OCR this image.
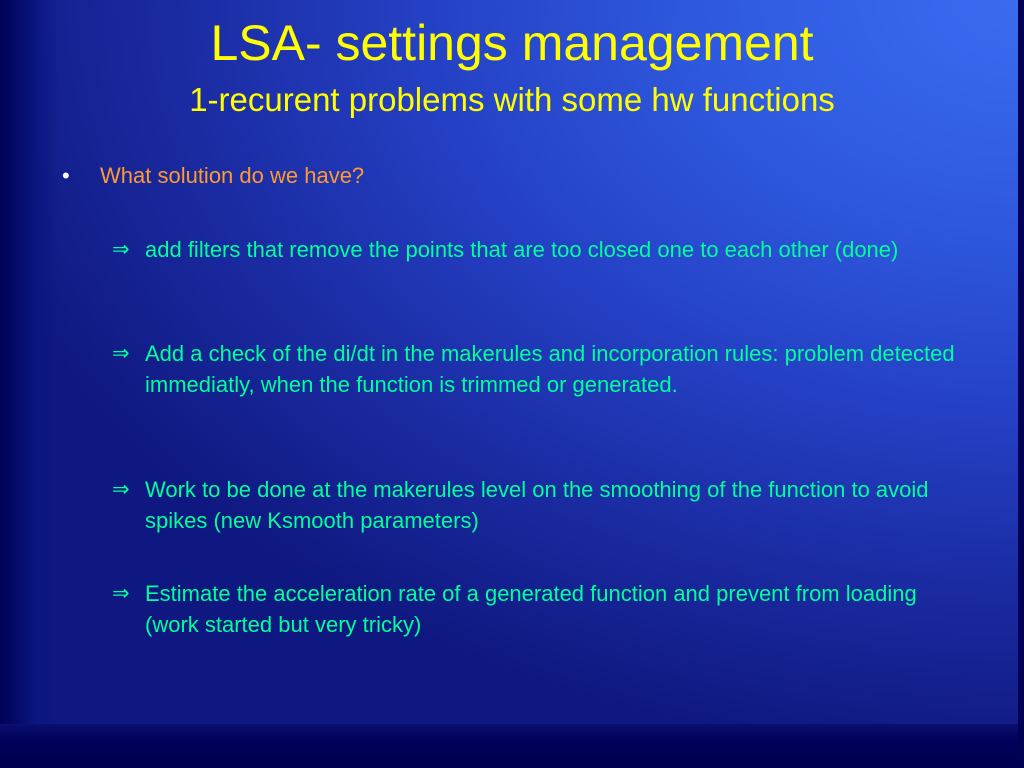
LSA- settings management
1-recurent problems with some hw functions
•	What solution do we have?
⇒ add filters that remove the points that are too closed one to each other (done)
⇒ Add a check of the di/dt in the makerules and incorporation rules: problem detected immediatly, when the function is trimmed or generated.
⇒ Work to be done at the makerules level on the smoothing of the function to avoid spikes (new Ksmooth parameters)
⇒ Estimate the acceleration rate of a generated function and prevent from loading (work started but very tricky)
